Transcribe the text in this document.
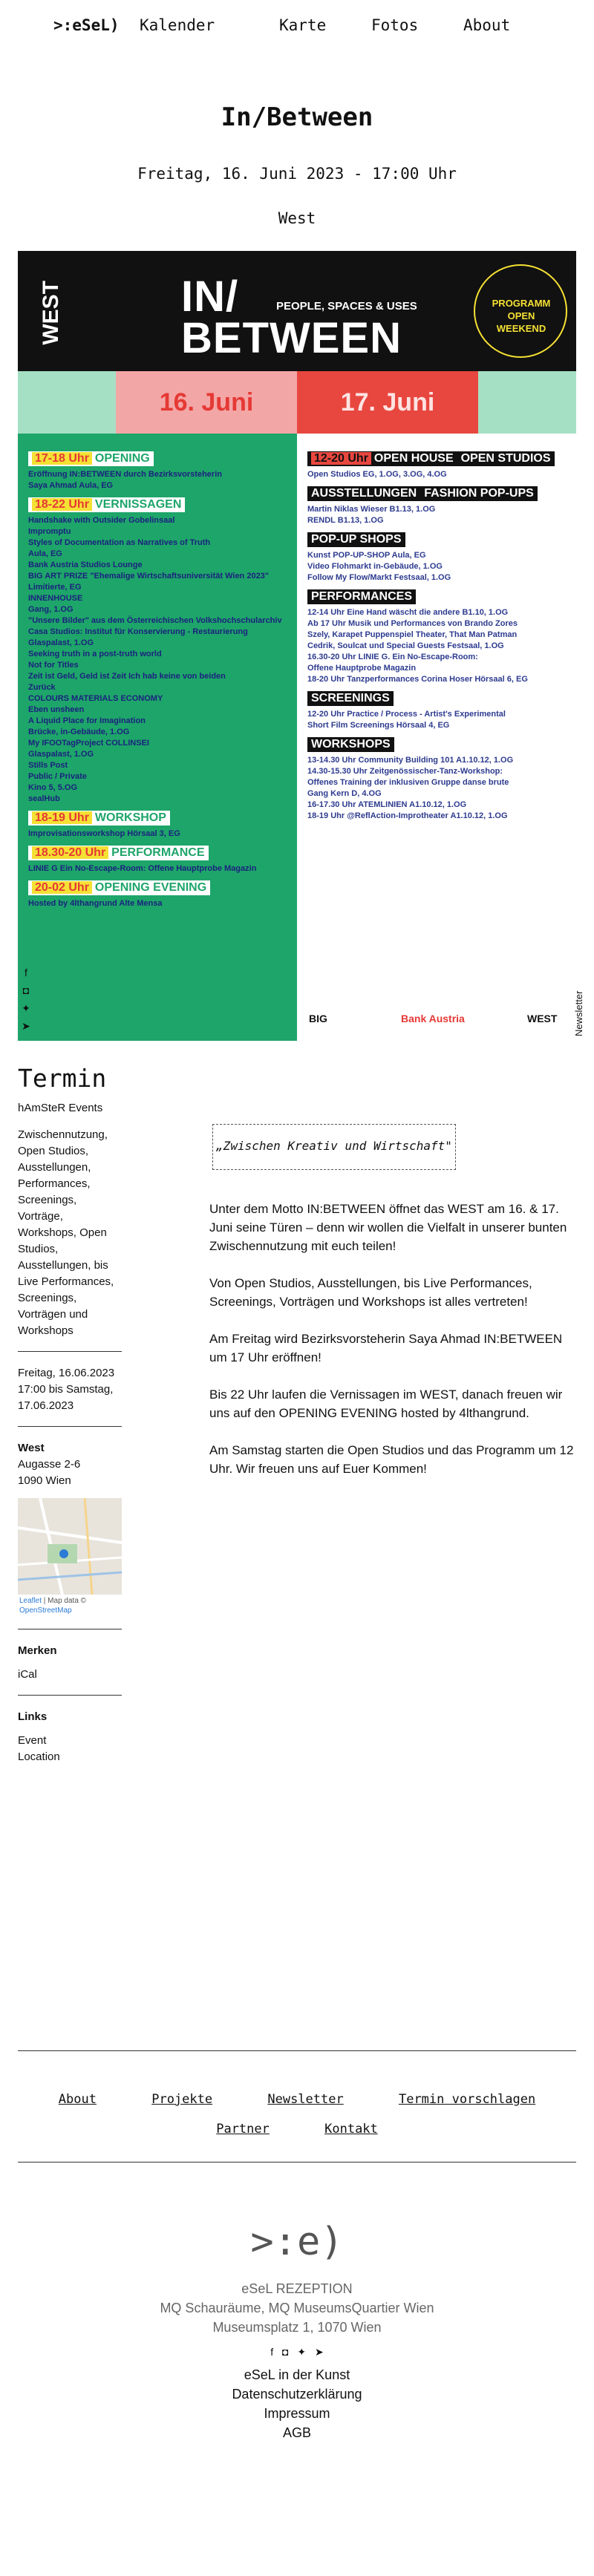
>:eSeL) Kalender	Karte	Fotos	About
In/Between
Freitag, 16. Juni 2023 - 17:00 Uhr
West
WEST	IN/	PEOPLE, SPACES & USES
BETWEEN
PROGRAMM OPEN WEEKEND
16. Juni	17. Juni
17-18 Uhr OPENING
Eröffnung IN:BETWEEN durch Bezirksvorsteherin
Saya Ahmad Aula, EG
18-22 Uhr VERNISSAGEN
Handshake with Outsider Gobelinsaal
Impromptu
Styles of Documentation as Narratives of Truth
Aula, EG
Bank Austria Studios Lounge
BIG ART PRIZE "Ehemalige Wirtschaftsuniversität Wien 2023"
Limitierte, EG
INNENHOUSE
Gang, 1.OG
"Unsere Bilder" aus dem Österreichischen Volkshochschularchiv
Casa Studios: Institut für Konservierung - Restaurierung
Glaspalast, 1.OG
Seeking truth in a post-truth world
Not for Titles
Zeit ist Geld, Geld ist Zeit Ich hab keine von beiden
Zurück
COLOURS MATERIALS ECONOMY
Eben unsheen
A Liquid Place for Imagination
Brücke, in-Gebäude, 1.OG
My IFOOTagProject COLLINSEI
Glaspalast, 1.OG
Stills Post
Public / Private
Kino 5, 5.OG
sealHub
18-19 Uhr WORKSHOP
Improvisationsworkshop Hörsaal 3, EG
18.30-20 Uhr PERFORMANCE
LINIE G Ein No-Escape-Room: Offene Hauptprobe Magazin
20-02 Uhr OPENING EVENING
Hosted by 4lthangrund Alte Mensa
12-20 Uhr OPEN HOUSE OPEN STUDIOS
Open Studios EG, 1.OG, 3.OG, 4.OG
AUSSTELLUNGEN FASHION POP-UPS
Martin Niklas Wieser B1.13, 1.OG
RENDL B1.13, 1.OG
POP-UP SHOPS
Kunst POP-UP-SHOP Aula, EG
Video Flohmarkt in-Gebäude, 1.OG
Follow My Flow/Markt Festsaal, 1.OG
PERFORMANCES
12-14 Uhr Eine Hand wäscht die andere B1.10, 1.OG
Ab 17 Uhr Musik und Performances von Brando Zores
Szely, Karapet Puppenspiel Theater, That Man Patman
Cedrik, Soulcat und Special Guests Festsaal, 1.OG
16.30-20 Uhr LINIE G. Ein No-Escape-Room:
Offene Hauptprobe Magazin
18-20 Uhr Tanzperformances Corina Hoser Hörsaal 6, EG
SCREENINGS
12-20 Uhr Practice / Process - Artist's Experimental
Short Film Screenings Hörsaal 4, EG
WORKSHOPS
13-14.30 Uhr Community Building 101 A1.10.12, 1.OG
14.30-15.30 Uhr Zeitgenössischer-Tanz-Workshop:
Offenes Training der inklusiven Gruppe danse brute
Gang Kern D, 4.OG
16-17.30 Uhr ATEMLINIEN A1.10.12, 1.OG
18-19 Uhr @ReflAction-Improtheater A1.10.12, 1.OG
BIG	Bank Austria	WEST
f
◘
✦
➤	Newsletter
Termin
hAmSteR Events
Zwischennutzung, Open Studios, Ausstellungen, Performances, Screenings, Vorträge, Workshops, Open Studios, Ausstellungen, bis Live Performances, Screenings, Vorträgen und Workshops
Freitag, 16.06.2023 17:00 bis Samstag, 17.06.2023
West
Augasse 2-6
1090 Wien
Leaflet | Map data ©
OpenStreetMap
Merken
iCal
Links
Event
Location
„Zwischen Kreativ und Wirtschaft"

Unter dem Motto IN:BETWEEN öffnet das WEST am 16. & 17. Juni seine Türen – denn wir wollen die Vielfalt in unserer bunten Zwischennutzung mit euch teilen!

Von Open Studios, Ausstellungen, bis Live Performances, Screenings, Vorträgen und Workshops ist alles vertreten!

Am Freitag wird Bezirksvorsteherin Saya Ahmad IN:BETWEEN um 17 Uhr eröffnen!

Bis 22 Uhr laufen die Vernissagen im WEST, danach freuen wir uns auf den OPENING EVENING hosted by 4lthangrund.

Am Samstag starten die Open Studios und das Programm um 12 Uhr. Wir freuen uns auf Euer Kommen!

About	Projekte	Newsletter	Termin vorschlagen
Partner	Kontakt
>:e)
eSeL REZEPTION
MQ Schauräume, MQ MuseumsQuartier Wien
Museumsplatz 1, 1070 Wien
f ◘ ✦ ➤
eSeL in der Kunst
Datenschutzerklärung
Impressum
AGB
